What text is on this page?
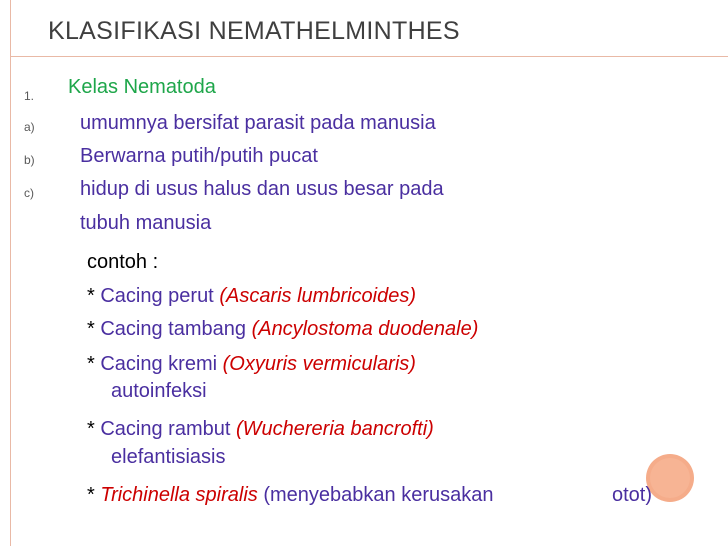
KLASIFIKASI NEMATHELMINTHES
1. Kelas Nematoda
a) umumnya bersifat parasit pada manusia
b) Berwarna putih/putih pucat
c) hidup di usus halus dan usus besar pada
tubuh manusia
contoh :
* Cacing perut (Ascaris lumbricoides)
* Cacing tambang (Ancylostoma duodenale)
* Cacing kremi (Oxyuris vermicularis)
autoinfeksi
* Cacing rambut (Wuchereria bancrofti)
elefantisiasis
* Trichinella spiralis (menyebabkan kerusakan	otot)
